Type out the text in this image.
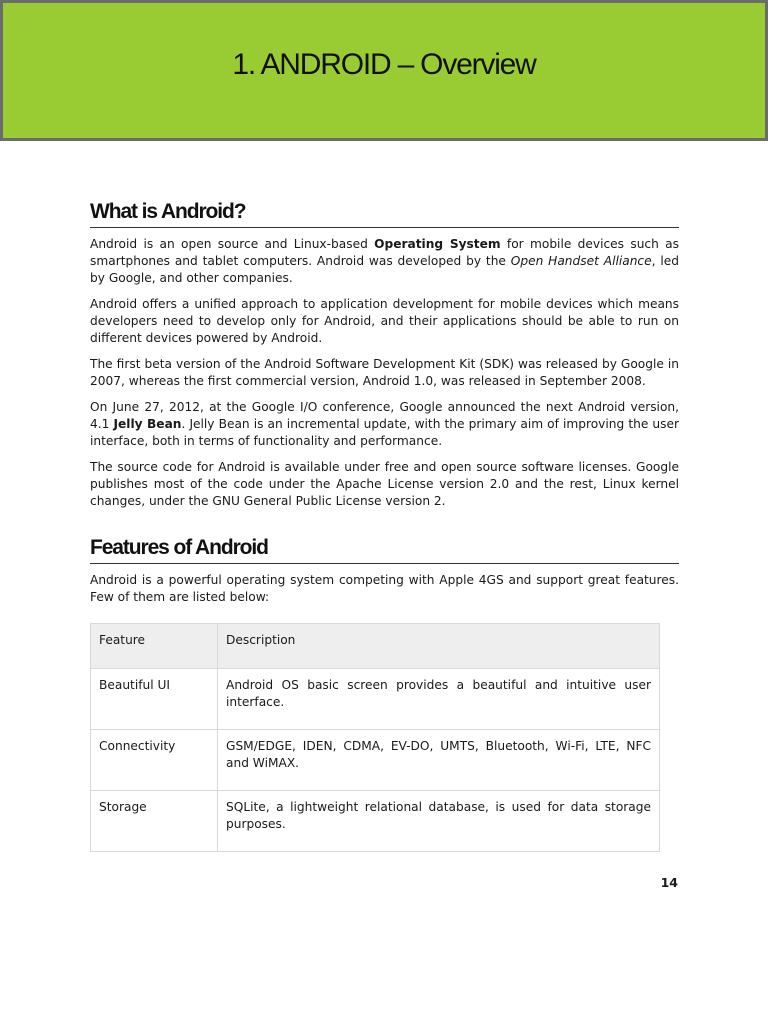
1. ANDROID – Overview
What is Android?

Android is an open source and Linux-based Operating System for mobile devices such as smartphones and tablet computers. Android was developed by the Open Handset Alliance, led by Google, and other companies.

Android offers a unified approach to application development for mobile devices which means developers need to develop only for Android, and their applications should be able to run on different devices powered by Android.

The first beta version of the Android Software Development Kit (SDK) was released by Google in 2007, whereas the first commercial version, Android 1.0, was released in September 2008.

On June 27, 2012, at the Google I/O conference, Google announced the next Android version, 4.1 Jelly Bean. Jelly Bean is an incremental update, with the primary aim of improving the user interface, both in terms of functionality and performance.

The source code for Android is available under free and open source software licenses. Google publishes most of the code under the Apache License version 2.0 and the rest, Linux kernel changes, under the GNU General Public License version 2.

Features of Android

Android is a powerful operating system competing with Apple 4GS and support great features. Few of them are listed below:

Feature	Description
Beautiful UI	Android OS basic screen provides a beautiful and intuitive user interface.
Connectivity	GSM/EDGE, IDEN, CDMA, EV-DO, UMTS, Bluetooth, Wi-Fi, LTE, NFC and WiMAX.
Storage	SQLite, a lightweight relational database, is used for data storage purposes.
14
